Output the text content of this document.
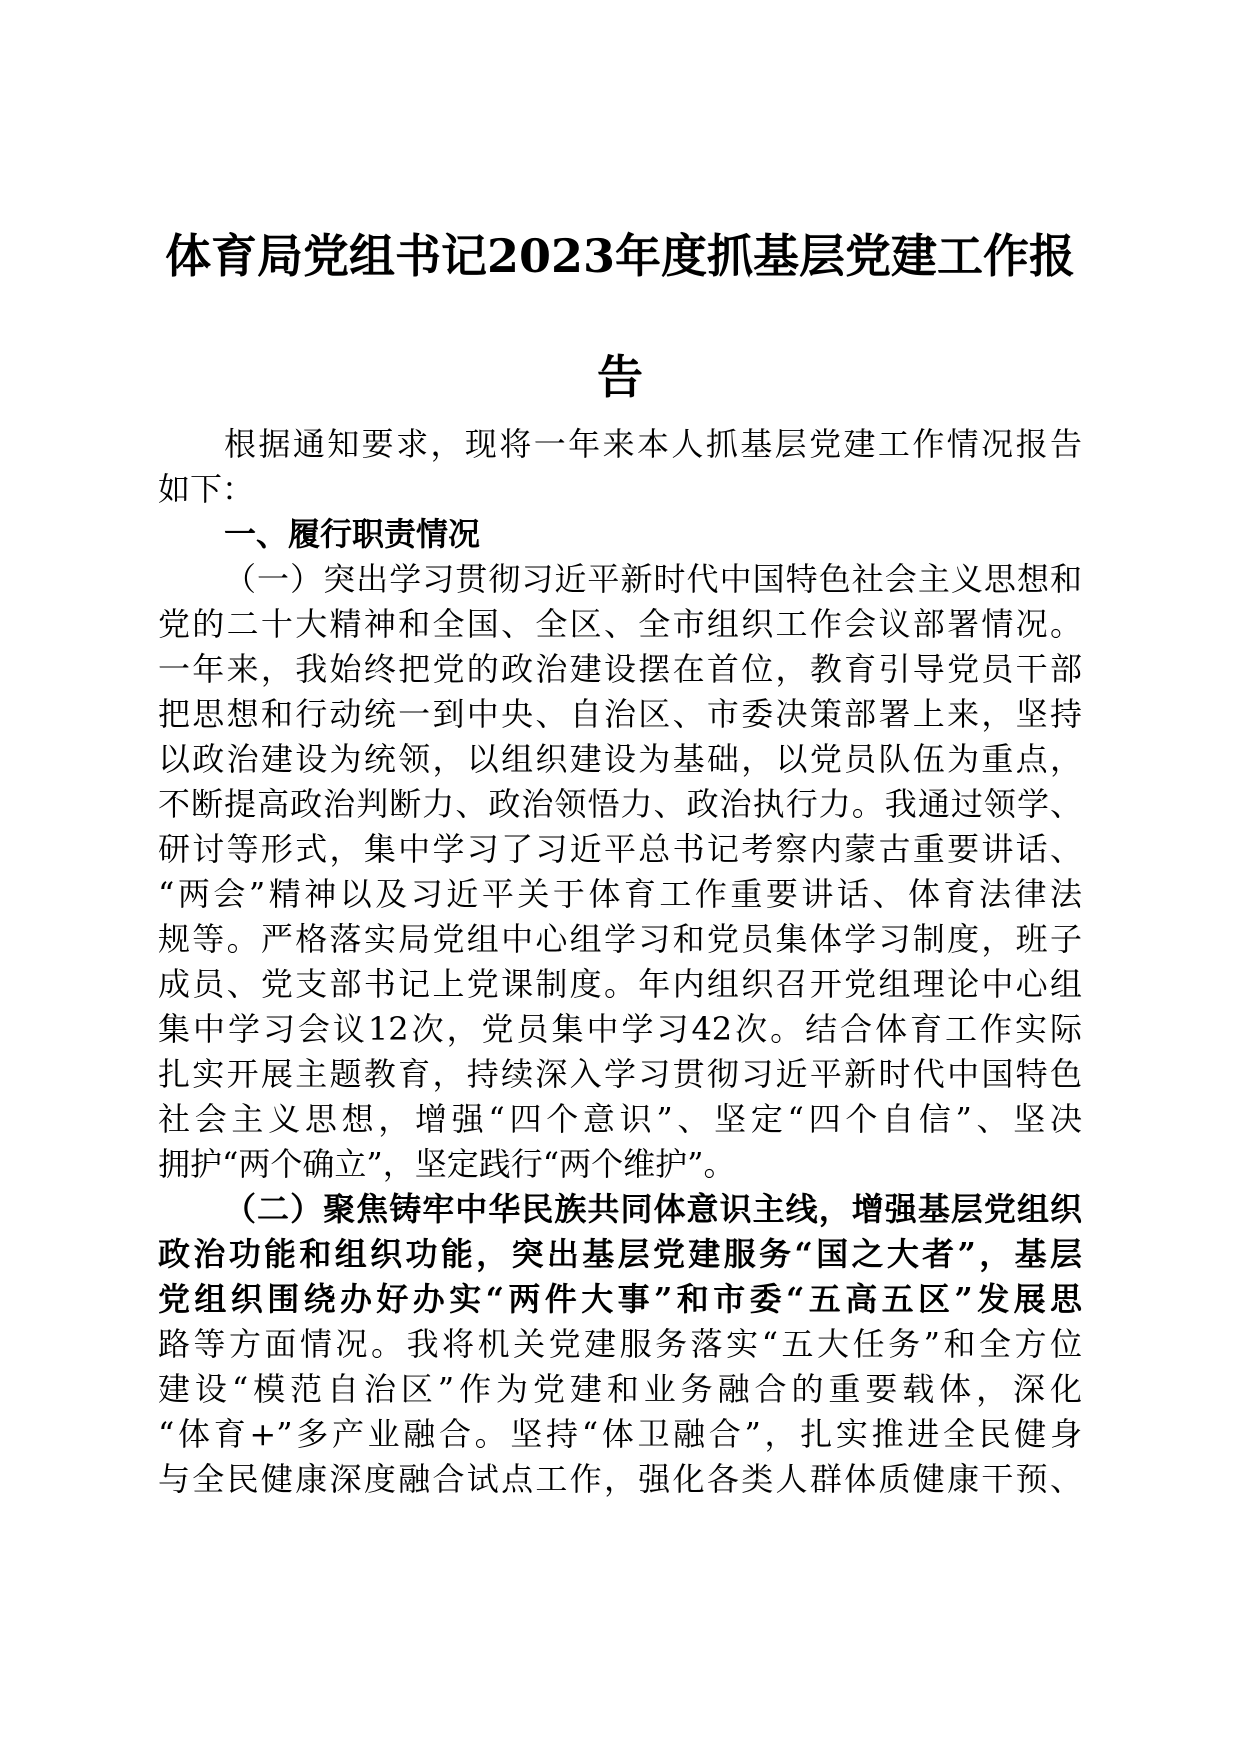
体育局党组书记2023年度抓基层党建工作报
告
根据通知要求，现将一年来本人抓基层党建工作情况报告
如下：
一、履行职责情况
（一）突出学习贯彻习近平新时代中国特色社会主义思想和
党的二十大精神和全国、全区、全市组织工作会议部署情况。
一年来，我始终把党的政治建设摆在首位，教育引导党员干部
把思想和行动统一到中央、自治区、市委决策部署上来，坚持
以政治建设为统领，以组织建设为基础，以党员队伍为重点，
不断提高政治判断力、政治领悟力、政治执行力。我通过领学、
研讨等形式，集中学习了习近平总书记考察内蒙古重要讲话、
“两会”精神以及习近平关于体育工作重要讲话、体育法律法
规等。严格落实局党组中心组学习和党员集体学习制度，班子
成员、党支部书记上党课制度。年内组织召开党组理论中心组
集中学习会议12次，党员集中学习42次。结合体育工作实际
扎实开展主题教育，持续深入学习贯彻习近平新时代中国特色
社会主义思想，增强“四个意识”、坚定“四个自信”、坚决
拥护“两个确立”，坚定践行“两个维护”。
（二）聚焦铸牢中华民族共同体意识主线，增强基层党组织
政治功能和组织功能，突出基层党建服务“国之大者”，基层
党组织围绕办好办实“两件大事”和市委“五高五区”发展思
路等方面情况。我将机关党建服务落实“五大任务”和全方位
建设“模范自治区”作为党建和业务融合的重要载体，深化
“体育+”多产业融合。坚持“体卫融合”，扎实推进全民健身
与全民健康深度融合试点工作，强化各类人群体质健康干预、
